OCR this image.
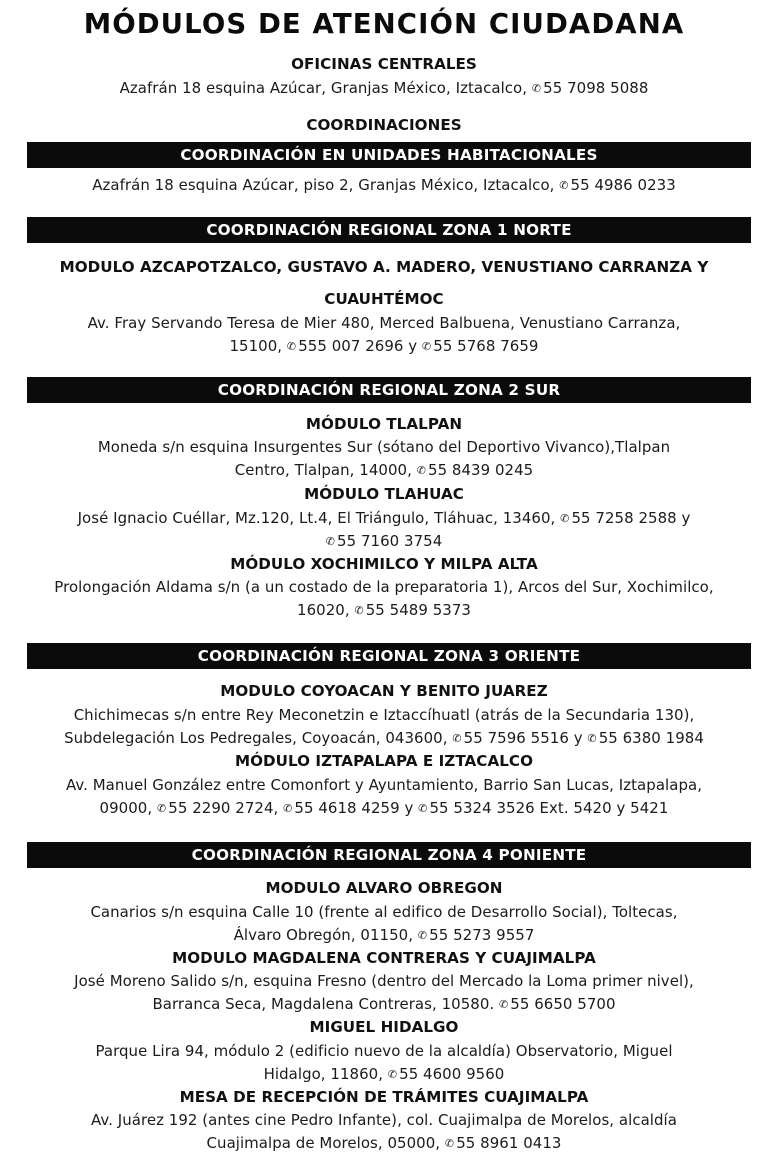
MÓDULOS DE ATENCIÓN CIUDADANA
OFICINAS CENTRALES
Azafrán 18 esquina Azúcar, Granjas México, Iztacalco, ✆ 55 7098 5088
COORDINACIONES
COORDINACIÓN EN UNIDADES HABITACIONALES
Azafrán 18 esquina Azúcar, piso 2, Granjas México, Iztacalco, ✆ 55 4986 0233
COORDINACIÓN REGIONAL ZONA 1 NORTE
MODULO AZCAPOTZALCO, GUSTAVO A. MADERO, VENUSTIANO CARRANZA Y
CUAUHTÉMOC
Av. Fray Servando Teresa de Mier 480, Merced Balbuena, Venustiano Carranza,
15100, ✆ 555 007 2696 y ✆ 55 5768 7659
COORDINACIÓN REGIONAL ZONA 2 SUR
MÓDULO TLALPAN
Moneda s/n esquina Insurgentes Sur (sótano del Deportivo Vivanco),Tlalpan
Centro, Tlalpan, 14000, ✆ 55 8439 0245
MÓDULO TLAHUAC
José Ignacio Cuéllar, Mz.120, Lt.4, El Triángulo, Tláhuac, 13460, ✆ 55 7258 2588 y
✆ 55 7160 3754
MÓDULO XOCHIMILCO Y MILPA ALTA
Prolongación Aldama s/n (a un costado de la preparatoria 1), Arcos del Sur, Xochimilco,
16020, ✆ 55 5489 5373
COORDINACIÓN REGIONAL ZONA 3 ORIENTE
MODULO COYOACAN Y BENITO JUAREZ
Chichimecas s/n entre Rey Meconetzin e Iztaccíhuatl (atrás de la Secundaria 130),
Subdelegación Los Pedregales, Coyoacán, 043600, ✆ 55 7596 5516 y ✆ 55 6380 1984
MÓDULO IZTAPALAPA E IZTACALCO
Av. Manuel González entre Comonfort y Ayuntamiento, Barrio San Lucas, Iztapalapa,
09000, ✆ 55 2290 2724, ✆ 55 4618 4259 y ✆ 55 5324 3526 Ext. 5420 y 5421
COORDINACIÓN REGIONAL ZONA 4 PONIENTE
MODULO ALVARO OBREGON
Canarios s/n esquina Calle 10 (frente al edifico de Desarrollo Social), Toltecas,
Álvaro Obregón, 01150, ✆ 55 5273 9557
MODULO MAGDALENA CONTRERAS Y CUAJIMALPA
José Moreno Salido s/n, esquina Fresno (dentro del Mercado la Loma primer nivel),
Barranca Seca, Magdalena Contreras, 10580. ✆ 55 6650 5700
MIGUEL HIDALGO
Parque Lira 94, módulo 2 (edificio nuevo de la alcaldía) Observatorio, Miguel
Hidalgo, 11860, ✆ 55 4600 9560
MESA DE RECEPCIÓN DE TRÁMITES CUAJIMALPA
Av. Juárez 192 (antes cine Pedro Infante), col. Cuajimalpa de Morelos, alcaldía
Cuajimalpa de Morelos, 05000, ✆ 55 8961 0413
